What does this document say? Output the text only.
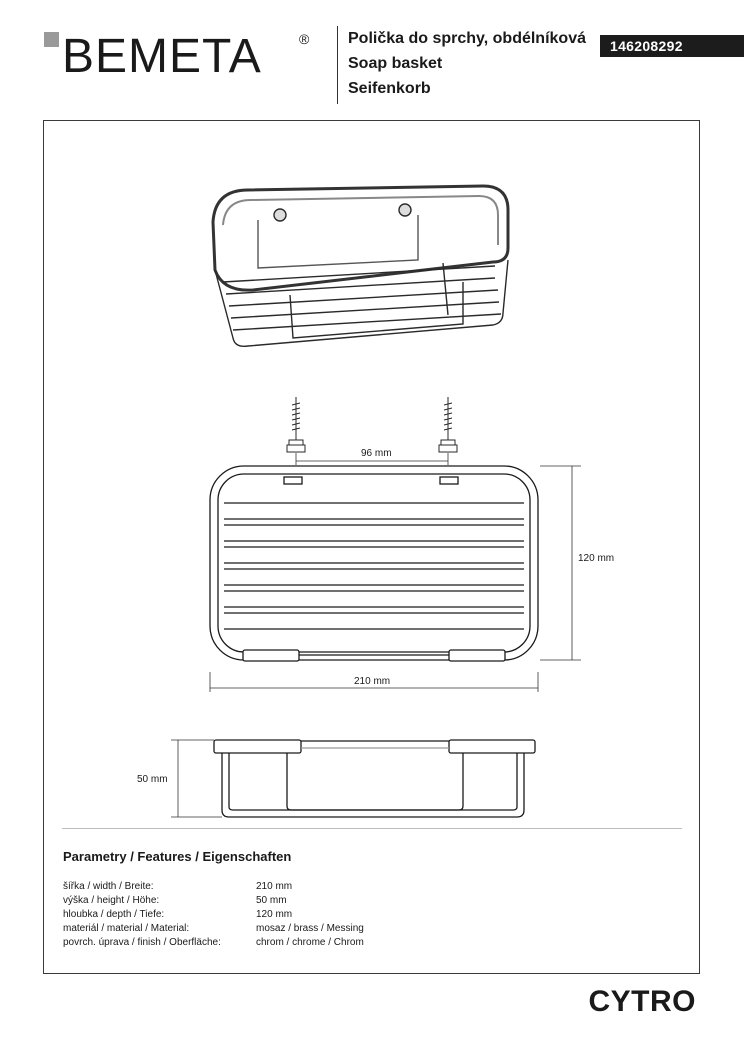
BEMETA	® Polička do sprchy, obdélníková
Soap basket
Seifenkorb
146208292
96 mm
120 mm
210 mm
50 mm
Parametry / Features / Eigenschaften
šířka / width / Breite:	210 mm
výška / height / Höhe:	50 mm
hloubka / depth / Tiefe:	120 mm
materiál / material / Material:	mosaz / brass / Messing
povrch. úprava / finish / Oberfläche:	chrom / chrome / Chrom
CYTRO
